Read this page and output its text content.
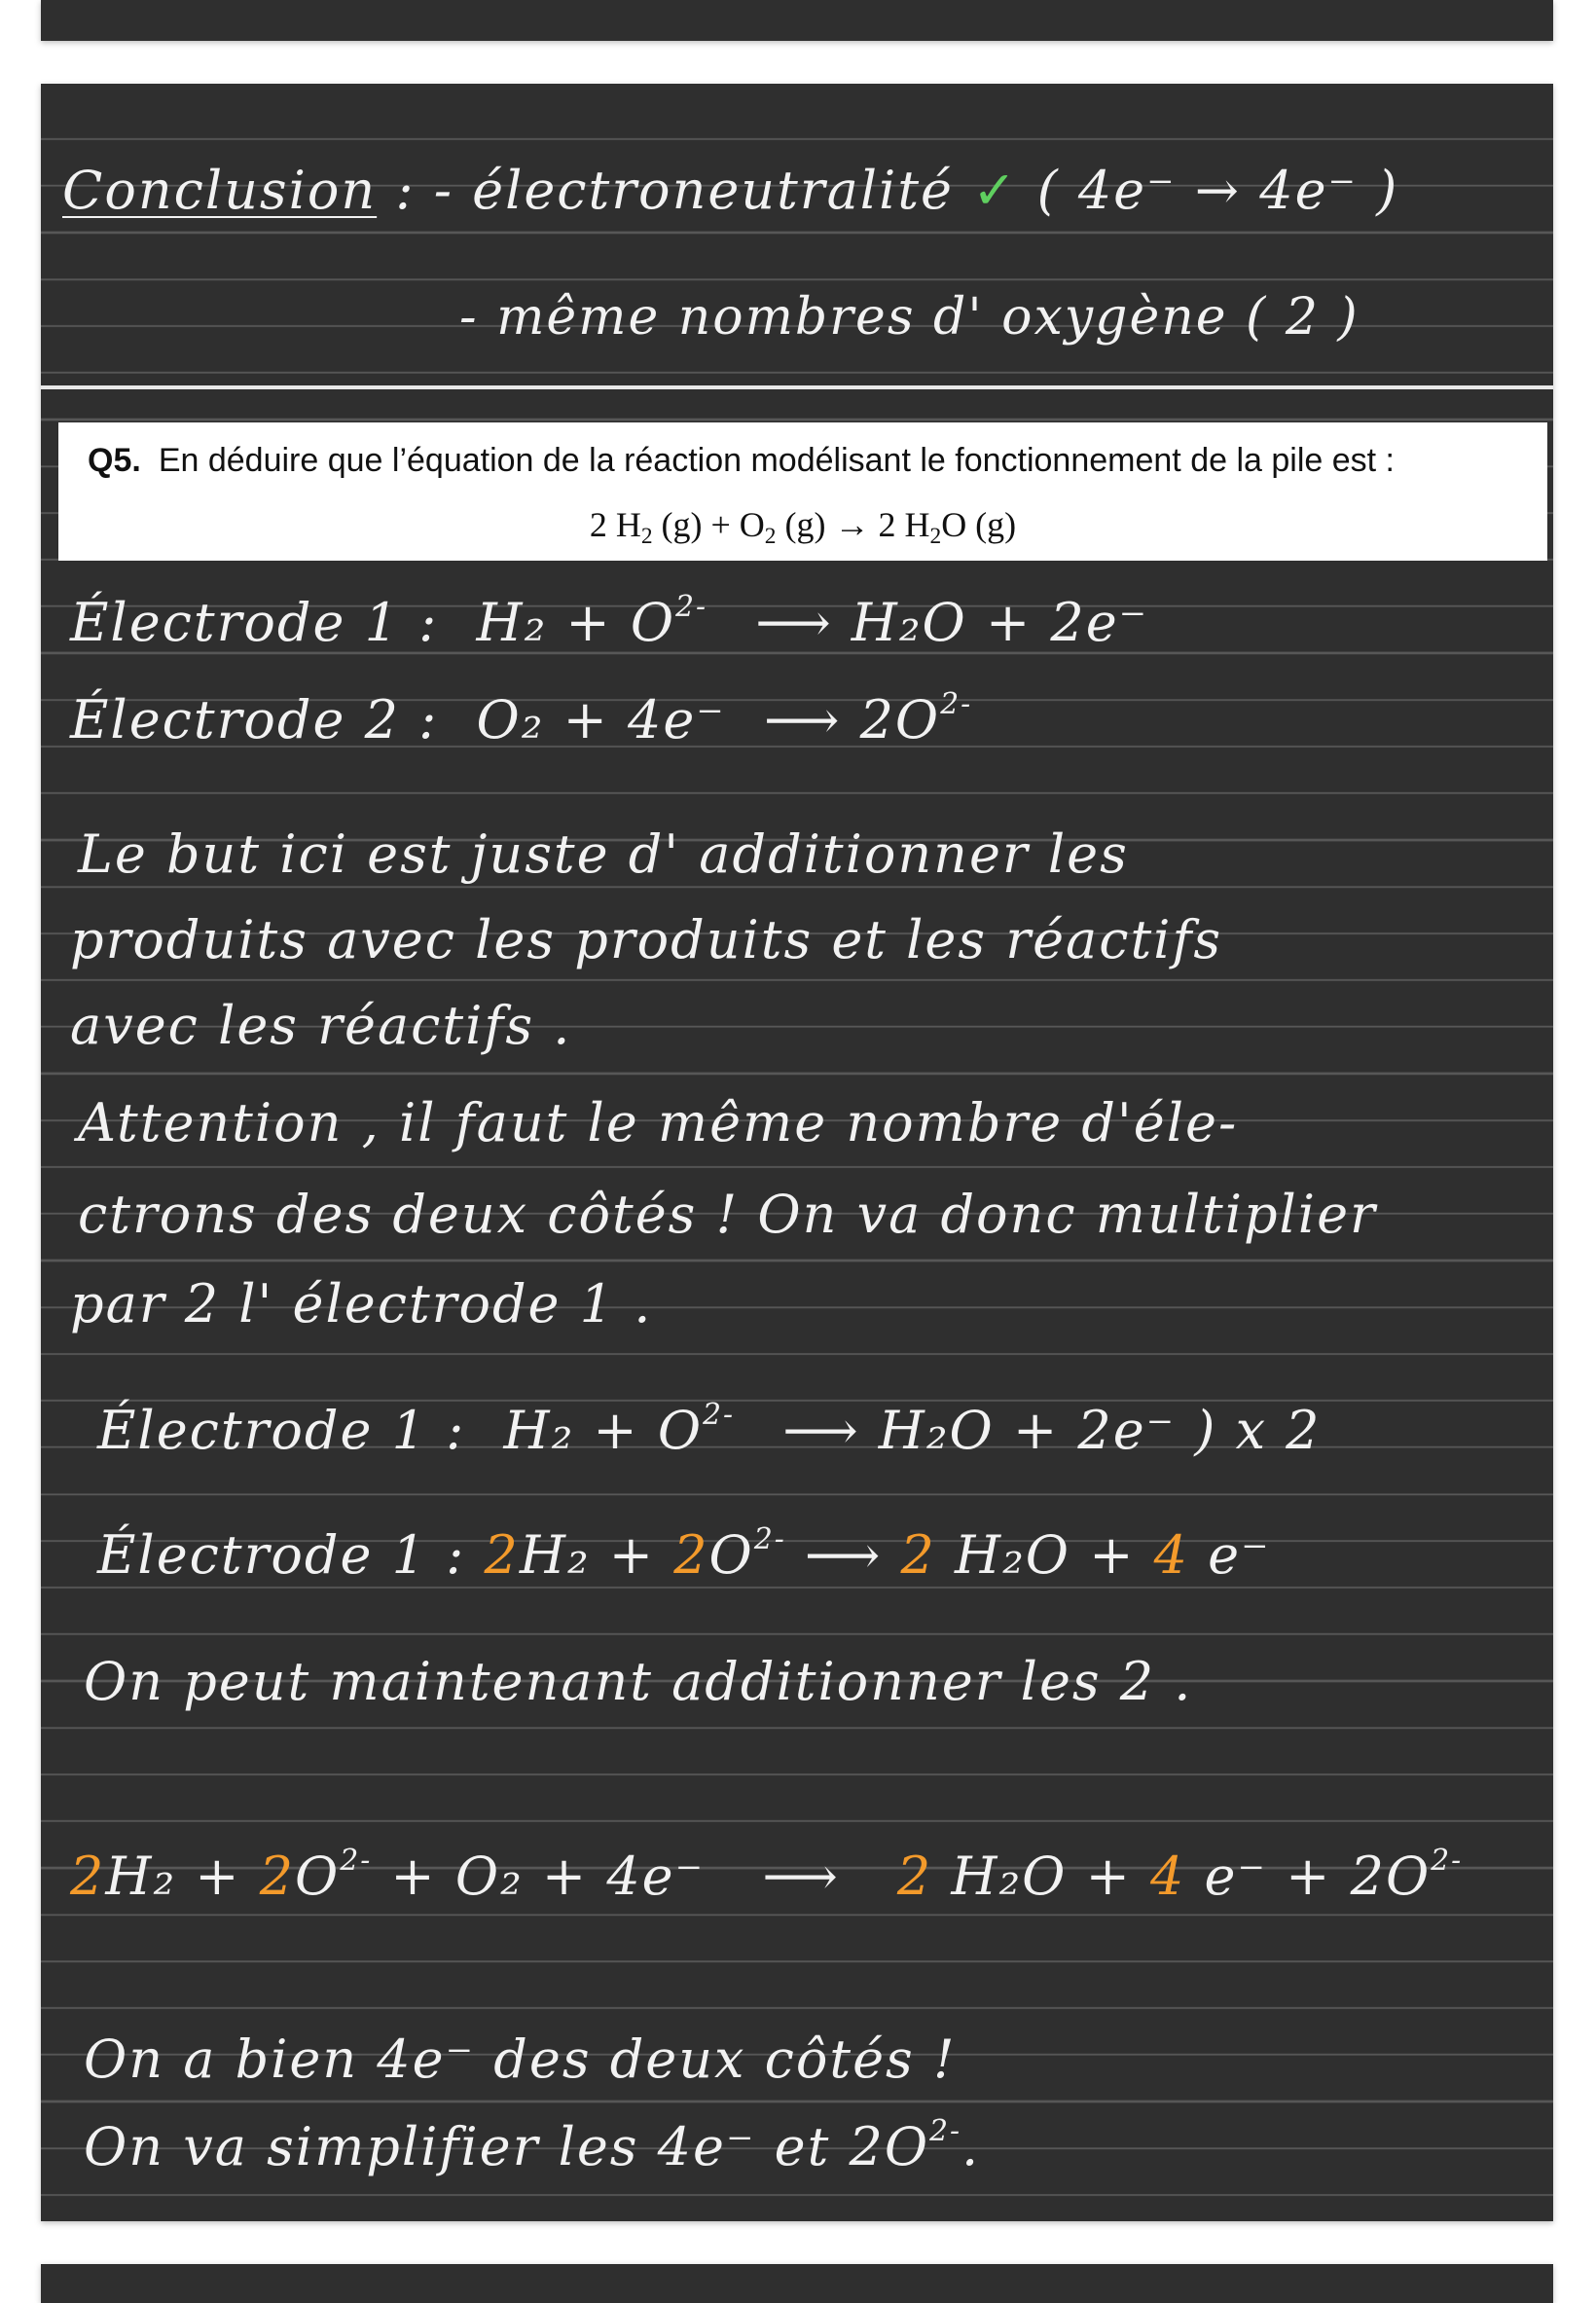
Conclusion : - électroneutralité ✓ ( 4e⁻ → 4e⁻ )
- même nombres d' oxygène ( 2 )
Q5. En déduire que l’équation de la réaction modélisant le fonctionnement de la pile est :
2 $H_2$ $(g) + O_2$ (g) → 2 $H_2O$ (g)
Électrode 1 : $H_2 + O^{2-}$ ⟶ H₂O + 2e⁻
Électrode 2 : O₂ + 4e⁻ ⟶ $2O^{2-}$
Le but ici est juste d' additionner les
produits avec les produits et les réactifs
avec les réactifs .
Attention , il faut le même nombre d'éle-
ctrons des deux côtés ! On va donc multiplier
par 2 l' électrode 1 .
Électrode 1 : $H_2 + O^{2-}$ ⟶ H₂O + 2e⁻ ) x 2
Électrode 1 : $2H_2 + 2O^{2-}$ ⟶ 2 H₂O + 4 e⁻
On peut maintenant additionner les 2 .
$2H_2 + 2O^{2-} + O_2 + 4e^-$ ⟶ 2 H₂O + 4 $e^- + 2O^{2-}$
On a bien 4e⁻ des deux côtés !
On va simplifier les 4e⁻ et $2O^{2-}$.
